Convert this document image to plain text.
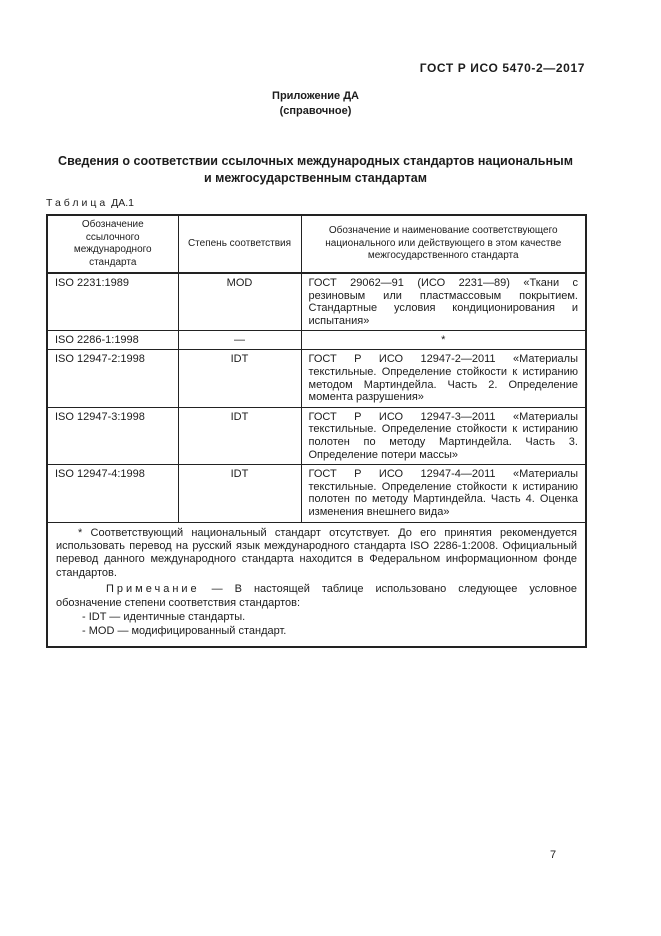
ГОСТ Р ИСО 5470-2—2017
Приложение ДА
(справочное)
Сведения о соответствии ссылочных международных стандартов национальным
и межгосударственным стандартам
Таблица ДА.1
Обозначение ссылочного международного стандарта	Степень соответствия	Обозначение и наименование соответствующего национального или действующего в этом качестве межгосударственного стандарта
ISO 2231:1989	MOD	ГОСТ 29062—91 (ИСО 2231—89) «Ткани с резиновым или пластмассовым покрытием. Стандартные условия кондиционирования и испытания»
ISO 2286-1:1998	—	*
ISO 12947-2:1998	IDT	ГОСТ Р ИСО 12947-2—2011 «Материалы текстильные. Определение стойкости к истиранию методом Мартиндейла. Часть 2. Определение момента разрушения»
ISO 12947-3:1998	IDT	ГОСТ Р ИСО 12947-3—2011 «Материалы текстильные. Определение стойкости к истиранию полотен по методу Мартиндейла. Часть 3. Определение потери массы»
ISO 12947-4:1998	IDT	ГОСТ Р ИСО 12947-4—2011 «Материалы текстильные. Определение стойкости к истиранию полотен по методу Мартиндейла. Часть 4. Оценка изменения внешнего вида»

* Соответствующий национальный стандарт отсутствует. До его принятия рекомендуется использовать перевод на русский язык международного стандарта ISO 2286-1:2008. Официальный перевод данного международного стандарта находится в Федеральном информационном фонде стандартов.

Примечание — В настоящей таблице использовано следующее условное обозначение степени соответствия стандартов:

- IDT — идентичные стандарты.
- MOD — модифицированный стандарт.		
7
